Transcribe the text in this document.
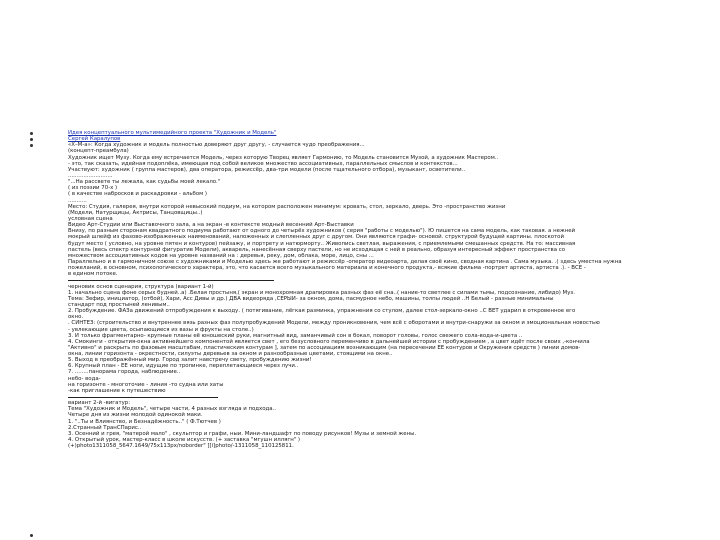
Идея концептуального мультимедийного проекта "Художник и Модель"
Сергей Каралупов
«Х–М-а»: Когда художник и модель полностью доверяют друг другу, - случается чудо преображения...
(концепт-преамбула)
Художник ищет Музу. Когда ему встречается Модель, через которую Творец являет Гармонию, то Модель становится Музой, а художник Мастером..
- это, так сказать, идейная подоплёка, имеющая под собой великое множество ассоциативных, параллельных смыслов и контекстов...
Участвуют: художник ( группа мастеров), два оператора, режиссёр, два-три модели (после тщательного отбора), музыкант, осветители..
..........................
"...На рассвете ты лежала, как судьбы моей лекало."
( из поэзии 70-х )
( в качестве набросков и раскадровки - альбом )
...........
Место: Студия, галерея, внутри которой невысокий подиум, на котором расположен минимум: кровать, стол, зеркало, дверь. Это -пространство жизни
(Модели, Натурщицы, Актрисы, Танцовщицы..)
условная сцена
Видео Арт-Студии или Выставочного зала, а на экран -в контексте модный весенний Арт-Выставки
Внизу, по разным сторонам квадратного подиума работают от одного до четырёх художников ( серия "работы с моделью"). Ю пишется на сама модель, как таковая. а нежней
мокрый шлейф из фазово-изображенных наименований, наложенных и слепленных друг с другом. Они являются графи- основой. структурой будущей картины. плоскотой
будут место ( условно, на уровне пятен и контуров) пейзажу, и портрету и натюрморту.. Живопись светлая, выражения, с приемлемыми смешанных средств. На то: массивная
пастель (весь спектр контурной фигуратив Модели), акварель, нанесённая сверху пастели, но не исходящая с ней в реально, образуя интересный эффект пространства со
множеством ассоциативных кодов на уровне названий на : деревья, реку, дом, облака, море, лицо, сны ...
Параллельно и в гармоничном союзе с художниками и Моделью здесь же работают и режиссёр -оператор видеоарта, делая своё кино, сводная картина . Сама музыка. .( здесь уместна нужна
пожеланий, в основном, психологического характера, это, что касается всего музыкального материала и конечного продукта,- всякие фильма -портрет артиста, артиста .). - ВСЁ -
в едином потоке.
черновик основ сценария, структура (вариант 1-й)
1. начально сцена фоне серых будней..а) .Белая простыня,( экран и монохромная драпировка разных фаз её сна..( нание-то светлее с силами тьмы, подсознание, либидо) Муз.
Тема: Зефир, инициатор, (отбой), Хари, Асс Дивы и др.) ДВА видеоряда ,СЕРЫЙ- за окном, дома, пасмурное небо, машины, толпы людей ..Н Белый - разные минимальны
стандарт под простыней ленивым..
2. Пробуждение. ФАЗа движений отпробуждения к выходу. ( потягивание, лёгкая разминка, упражнения со стулом, далее стол-зеркало-окно ..С ВЕТ ударил в откровенное его
окно.
. СИНТЕЗ: (строительство и внутреннее вязь разных фаз полупробуждений Модели, между проникновения, чем всё с оборотами и внутри-снаружи за окном и эмоциональная новостью
- увлекающие цвета, осыпающиеся из вазы и фрукты на столе..)
3. И только фрагментарно- крупные планы её юношеский руки, магнитный вид, заманчивый сон в бокал, поворот головы, голос свежего сола-вода-и-цвета ..
4. Смокинги - открытия-окна активнейшего компонентой является свет , его безусловного переменчиво в дальнейшей истории с пробуждением , а цвет идёт после своих ,-кончила
"Активно" и раскрыть по фазовым масштабам, пластическим контурам ], затем по ассоциациям возникающим (на пересечении ЕЁ контуров и Окружения средств ) линии домов-
окна, линии горизонта - окрестности, силуэты деревьев за окном и разнообразные цветами, стоящими на окне..
5. Выход в преображённый мир. Город залит навстречу свету, пробуждению жизни!
6. Крупный план - ЕЁ ноги, идущие по тропинке, переплетающиеся через лучи..
7. ........панорама города, наблюдение..
небо- вода-
на горизонте - многоточие - линия -то судна или хаты
-как приглашение к путешествию
вариант 2-й -вигатур:
Тема "Художник и Модель", четыре части, 4 разных взгляда и подхода..
Четыре дня из жизни молодой одинокой маки.
1. "..Ты и Влиянство, и Безнадёжность.." ( Ф.Тютчев )
2.Странный ТранСПарис..
3. Осенний и грея, "матерой мало" , скульптор и графи, ныи. Мини-ландшафт по поводу рисунков! Музы и земной жены.
4. Открытый урок, мастер-класс в школе искусств. (+ заставка "мгушн иллягн" )
(+)photo1311058_5647.1649/75x113px/noborder" ][i]photo/-1311058_110125811.
